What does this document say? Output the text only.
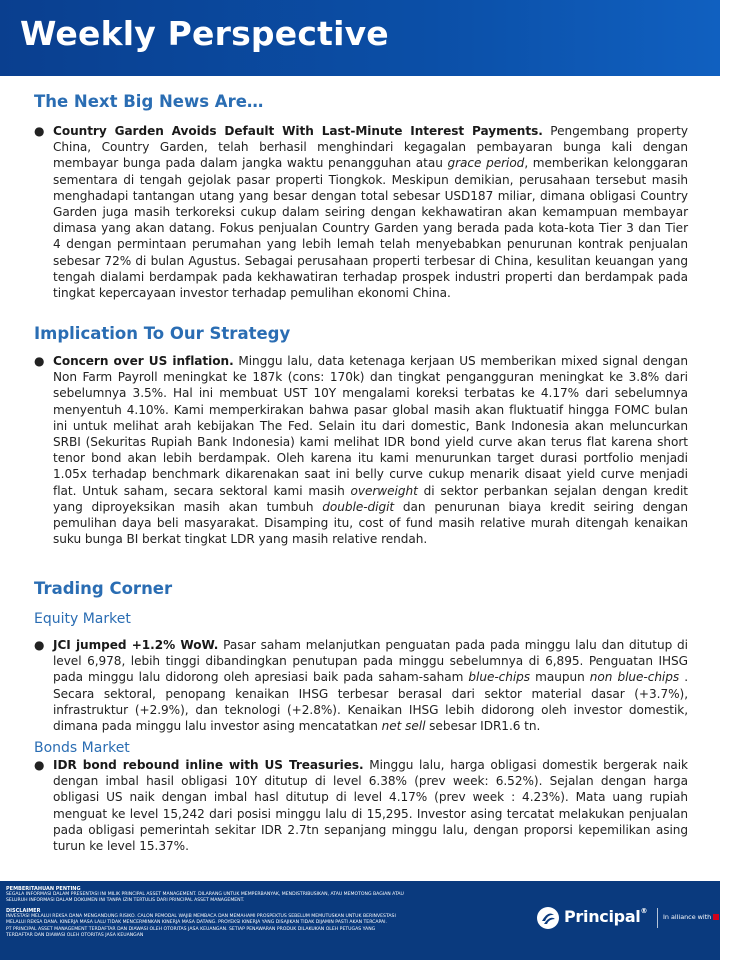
Weekly Perspective
The Next Big News Are…
● Country Garden Avoids Default With Last-Minute Interest Payments. Pengembang property China, Country Garden, telah berhasil menghindari kegagalan pembayaran bunga kali dengan membayar bunga pada dalam jangka waktu penangguhan atau grace period, memberikan kelonggaran sementara di tengah gejolak pasar properti Tiongkok. Meskipun demikian, perusahaan tersebut masih menghadapi tantangan utang yang besar dengan total sebesar USD187 miliar, dimana obligasi Country Garden juga masih terkoreksi cukup dalam seiring dengan kekhawatiran akan kemampuan membayar dimasa yang akan datang. Fokus penjualan Country Garden yang berada pada kota-kota Tier 3 dan Tier 4 dengan permintaan perumahan yang lebih lemah telah menyebabkan penurunan kontrak penjualan sebesar 72% di bulan Agustus. Sebagai perusahaan properti terbesar di China, kesulitan keuangan yang tengah dialami berdampak pada kekhawatiran terhadap prospek industri properti dan berdampak pada tingkat kepercayaan investor terhadap pemulihan ekonomi China.
Implication To Our Strategy
● Concern over US inflation. Minggu lalu, data ketenaga kerjaan US memberikan mixed signal dengan Non Farm Payroll meningkat ke 187k (cons: 170k) dan tingkat pengangguran meningkat ke 3.8% dari sebelumnya 3.5%. Hal ini membuat UST 10Y mengalami koreksi terbatas ke 4.17% dari sebelumnya menyentuh 4.10%. Kami memperkirakan bahwa pasar global masih akan fluktuatif hingga FOMC bulan ini untuk melihat arah kebijakan The Fed. Selain itu dari domestic, Bank Indonesia akan meluncurkan SRBI (Sekuritas Rupiah Bank Indonesia) kami melihat IDR bond yield curve akan terus flat karena short tenor bond akan lebih berdampak. Oleh karena itu kami menurunkan target durasi portfolio menjadi 1.05x terhadap benchmark dikarenakan saat ini belly curve cukup menarik disaat yield curve menjadi flat. Untuk saham, secara sektoral kami masih overweight di sektor perbankan sejalan dengan kredit yang diproyeksikan masih akan tumbuh double-digit dan penurunan biaya kredit seiring dengan pemulihan daya beli masyarakat. Disamping itu, cost of fund masih relative murah ditengah kenaikan suku bunga BI berkat tingkat LDR yang masih relative rendah.
Trading Corner
Equity Market
● JCI jumped +1.2% WoW. Pasar saham melanjutkan penguatan pada pada minggu lalu dan ditutup di level 6,978, lebih tinggi dibandingkan penutupan pada minggu sebelumnya di 6,895. Penguatan IHSG pada minggu lalu didorong oleh apresiasi baik pada saham-saham blue-chips maupun non blue-chips . Secara sektoral, penopang kenaikan IHSG terbesar berasal dari sektor material dasar (+3.7%), infrastruktur (+2.9%), dan teknologi (+2.8%). Kenaikan IHSG lebih didorong oleh investor domestik, dimana pada minggu lalu investor asing mencatatkan net sell sebesar IDR1.6 tn.
Bonds Market
● IDR bond rebound inline with US Treasuries. Minggu lalu, harga obligasi domestik bergerak naik dengan imbal hasil obligasi 10Y ditutup di level 6.38% (prev week: 6.52%). Sejalan dengan harga obligasi US naik dengan imbal hasl ditutup di level 4.17% (prev week : 4.23%). Mata uang rupiah menguat ke level 15,242 dari posisi minggu lalu di 15,295. Investor asing tercatat melakukan penjualan pada obligasi pemerintah sekitar IDR 2.7tn sepanjang minggu lalu, dengan proporsi kepemilikan asing turun ke level 15.37%.
PEMBERITAHUAN PENTING
SEGALA INFORMASI DALAM PRESENTASI INI MILIK PRINCIPAL ASSET MANAGEMENT. DILARANG UNTUK MEMPERBANYAK, MENDISTRIBUSIKAN, ATAU MEMOTONG BAGIAN ATAU
SELURUH INFORMASI DALAM DOKUMEN INI TANPA IZIN TERTULIS DARI PRINCIPAL ASSET MANAGEMENT.
DISCLAIMER
INVESTASI MELALUI REKSA DANA MENGANDUNG RISIKO. CALON PEMODAL WAJIB MEMBACA DAN MEMAHAMI PROSPEKTUS SEBELUM MEMUTUSKAN UNTUK BERINVESTASI
MELALUI REKSA DANA. KINERJA MASA LALU TIDAK MENCERMINKAN KINERJA MASA DATANG. PROYEKSI KINERJA YANG DISAJIKAN TIDAK DIJAMIN PASTI AKAN TERCAPAI.
PT PRINCIPAL ASSET MANAGEMENT TERDAFTAR DAN DIAWASI OLEH OTORITAS JASA KEUANGAN. SETIAP PENAWARAN PRODUK DILAKUKAN OLEH PETUGAS YANG
TERDAFTAR DAN DIAWASI OLEH OTORITAS JASA KEUANGAN
Principal®
In alliance with CIMB
